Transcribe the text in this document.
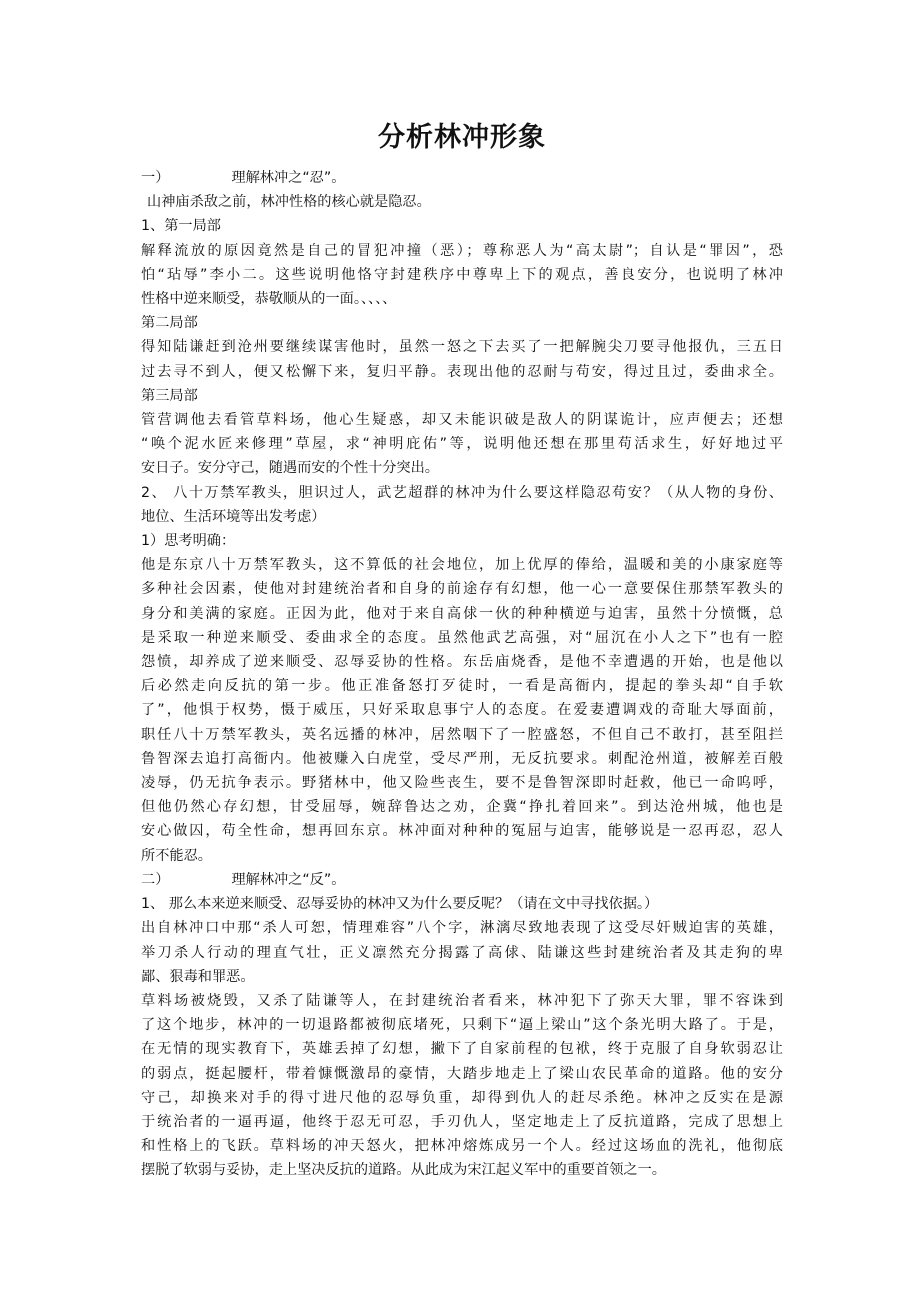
分析林冲形象

一）	理解林冲之“忍”。

山神庙杀敌之前，林冲性格的核心就是隐忍。

1、第一局部

解释流放的原因竟然是自己的冒犯冲撞（恶）；尊称恶人为“高太尉”；自认是“罪因”，恐

怕“玷辱”李小二。这些说明他恪守封建秩序中尊卑上下的观点，善良安分，也说明了林冲

性格中逆来顺受，恭敬顺从的一面。、、、、

第二局部

得知陆谦赶到沧州要继续谋害他时，虽然一怒之下去买了一把解腕尖刀要寻他报仇，三五日

过去寻不到人，便又松懈下来，复归平静。表现出他的忍耐与苟安，得过且过，委曲求全。

第三局部

管营调他去看管草料场，他心生疑惑，却又未能识破是敌人的阴谋诡计，应声便去；还想

“唤个泥水匠来修理”草屋，求“神明庇佑”等，说明他还想在那里苟活求生，好好地过平

安日子。安分守己，随遇而安的个性十分突出。

2、 八十万禁军教头，胆识过人，武艺超群的林冲为什么要这样隐忍苟安？（从人物的身份、

地位、生活环境等出发考虑）

1）思考明确：

他是东京八十万禁军教头，这不算低的社会地位，加上优厚的俸给，温暖和美的小康家庭等

多种社会因素，使他对封建统治者和自身的前途存有幻想，他一心一意要保住那禁军教头的

身分和美满的家庭。正因为此，他对于来自高俅一伙的种种横逆与迫害，虽然十分愤慨，总

是采取一种逆来顺受、委曲求全的态度。虽然他武艺高强，对“屈沉在小人之下”也有一腔

怨愤，却养成了逆来顺受、忍辱妥协的性格。东岳庙烧香，是他不幸遭遇的开始，也是他以

后必然走向反抗的第一步。他正准备怒打歹徒时，一看是高衙内，提起的拳头却“自手软

了”，他惧于权势，慑于威压，只好采取息事宁人的态度。在爱妻遭调戏的奇耻大辱面前，

职任八十万禁军教头，英名远播的林冲，居然咽下了一腔盛怒，不但自己不敢打，甚至阻拦

鲁智深去追打高衙内。他被赚入白虎堂，受尽严刑，无反抗要求。刺配沧州道，被解差百般

凌辱，仍无抗争表示。野猪林中，他又险些丧生，要不是鲁智深即时赶救，他已一命呜呼，

但他仍然心存幻想，甘受屈辱，婉辞鲁达之劝，企冀“挣扎着回来”。到达沧州城，他也是

安心做囚，苟全性命，想再回东京。林冲面对种种的冤屈与迫害，能够说是一忍再忍，忍人

所不能忍。

二）	理解林冲之“反”。

1、 那么本来逆来顺受、忍辱妥协的林冲又为什么要反呢？（请在文中寻找依据。）

出自林冲口中那“杀人可恕，情理难容”八个字，淋漓尽致地表现了这受尽奸贼迫害的英雄，

举刀杀人行动的理直气壮，正义凛然充分揭露了高俅、陆谦这些封建统治者及其走狗的卑

鄙、狠毒和罪恶。

草料场被烧毁，又杀了陆谦等人，在封建统治者看来，林冲犯下了弥天大罪，罪不容诛到

了这个地步，林冲的一切退路都被彻底堵死，只剩下“逼上梁山”这个条光明大路了。于是，

在无情的现实教育下，英雄丢掉了幻想，撇下了自家前程的包袱，终于克服了自身软弱忍让

的弱点，挺起腰杆，带着慷慨激昂的豪情，大踏步地走上了梁山农民革命的道路。他的安分

守己，却换来对手的得寸进尺他的忍辱负重，却得到仇人的赶尽杀绝。林冲之反实在是源

于统治者的一逼再逼，他终于忍无可忍，手刃仇人，坚定地走上了反抗道路，完成了思想上

和性格上的飞跃。草料场的冲天怒火，把林冲熔炼成另一个人。经过这场血的洗礼，他彻底

摆脱了软弱与妥协，走上坚决反抗的道路。从此成为宋江起义军中的重要首领之一。
